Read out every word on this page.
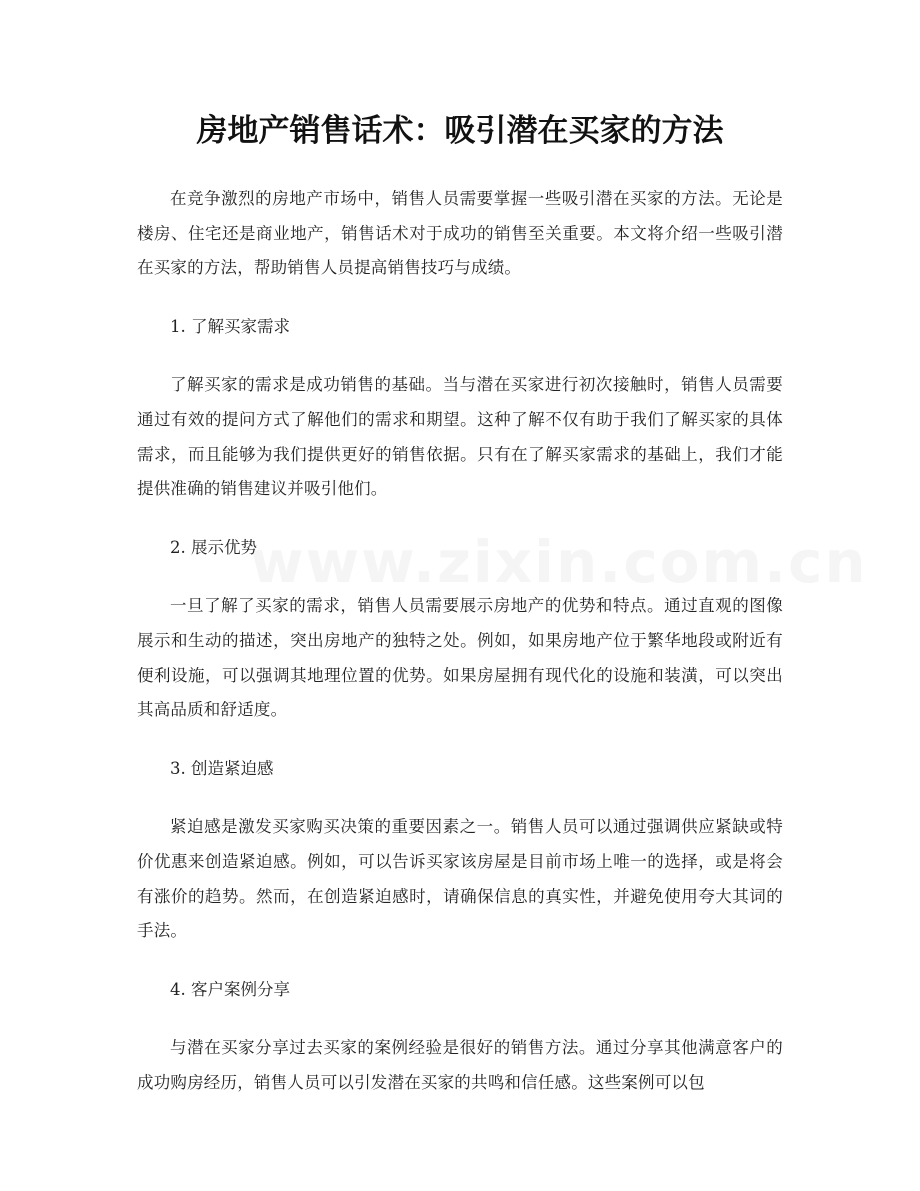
房地产销售话术：吸引潜在买家的方法
www.zixin.com.cn

在竞争激烈的房地产市场中，销售人员需要掌握一些吸引潜在买家的方法。无论是楼房、住宅还是商业地产，销售话术对于成功的销售至关重要。本文将介绍一些吸引潜在买家的方法，帮助销售人员提高销售技巧与成绩。

1. 了解买家需求

了解买家的需求是成功销售的基础。当与潜在买家进行初次接触时，销售人员需要通过有效的提问方式了解他们的需求和期望。这种了解不仅有助于我们了解买家的具体需求，而且能够为我们提供更好的销售依据。只有在了解买家需求的基础上，我们才能提供准确的销售建议并吸引他们。

2. 展示优势

一旦了解了买家的需求，销售人员需要展示房地产的优势和特点。通过直观的图像展示和生动的描述，突出房地产的独特之处。例如，如果房地产位于繁华地段或附近有便利设施，可以强调其地理位置的优势。如果房屋拥有现代化的设施和装潢，可以突出其高品质和舒适度。

3. 创造紧迫感

紧迫感是激发买家购买决策的重要因素之一。销售人员可以通过强调供应紧缺或特价优惠来创造紧迫感。例如，可以告诉买家该房屋是目前市场上唯一的选择，或是将会有涨价的趋势。然而，在创造紧迫感时，请确保信息的真实性，并避免使用夸大其词的手法。

4. 客户案例分享

与潜在买家分享过去买家的案例经验是很好的销售方法。通过分享其他满意客户的成功购房经历，销售人员可以引发潜在买家的共鸣和信任感。这些案例可以包
